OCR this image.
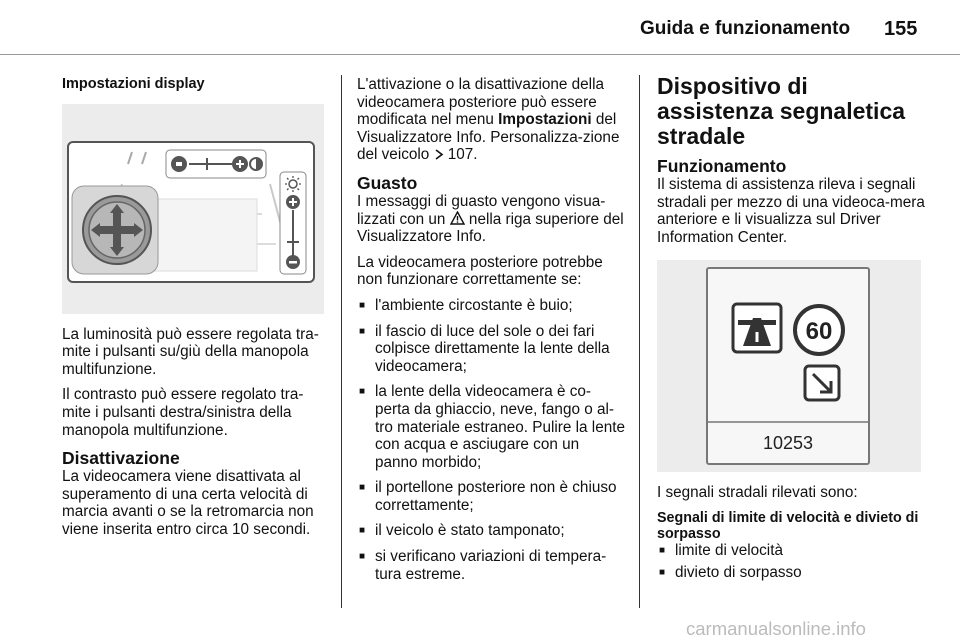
Guida e funzionamento 155
Impostazioni display

La luminosità può essere regolata tra-mite i pulsanti su/giù della manopola multifunzione.

Il contrasto può essere regolato tra-mite i pulsanti destra/sinistra della manopola multifunzione.

Disattivazione

La videocamera viene disattivata al superamento di una certa velocità di marcia avanti o se la retromarcia non viene inserita entro circa 10 secondi.

L'attivazione o la disattivazione della videocamera posteriore può essere modificata nel menu Impostazioni del Visualizzatore Info. Personalizza-zione del veicolo  107.

Guasto

I messaggi di guasto vengono visua-lizzati con un  nella riga superiore del Visualizzatore Info.

La videocamera posteriore potrebbe non funzionare correttamente se:

■ l'ambiente circostante è buio;
■ il fascio di luce del sole o dei fari colpisce direttamente la lente della videocamera;
■ la lente della videocamera è co-perta da ghiaccio, neve, fango o al-tro materiale estraneo. Pulire la lente con acqua e asciugare con un panno morbido;
■ il portellone posteriore non è chiuso correttamente;
■ il veicolo è stato tamponato;
■ si verificano variazioni di tempera-tura estreme.
Dispositivo di assistenza segnaletica stradale
Funzionamento

Il sistema di assistenza rileva i segnali stradali per mezzo di una videoca-mera anteriore e li visualizza sul Driver Information Center.

60
10253

I segnali stradali rilevati sono:

Segnali di limite di velocità e divieto di sorpasso
■ limite di velocità
■ divieto di sorpasso
carmanualsonline.info
